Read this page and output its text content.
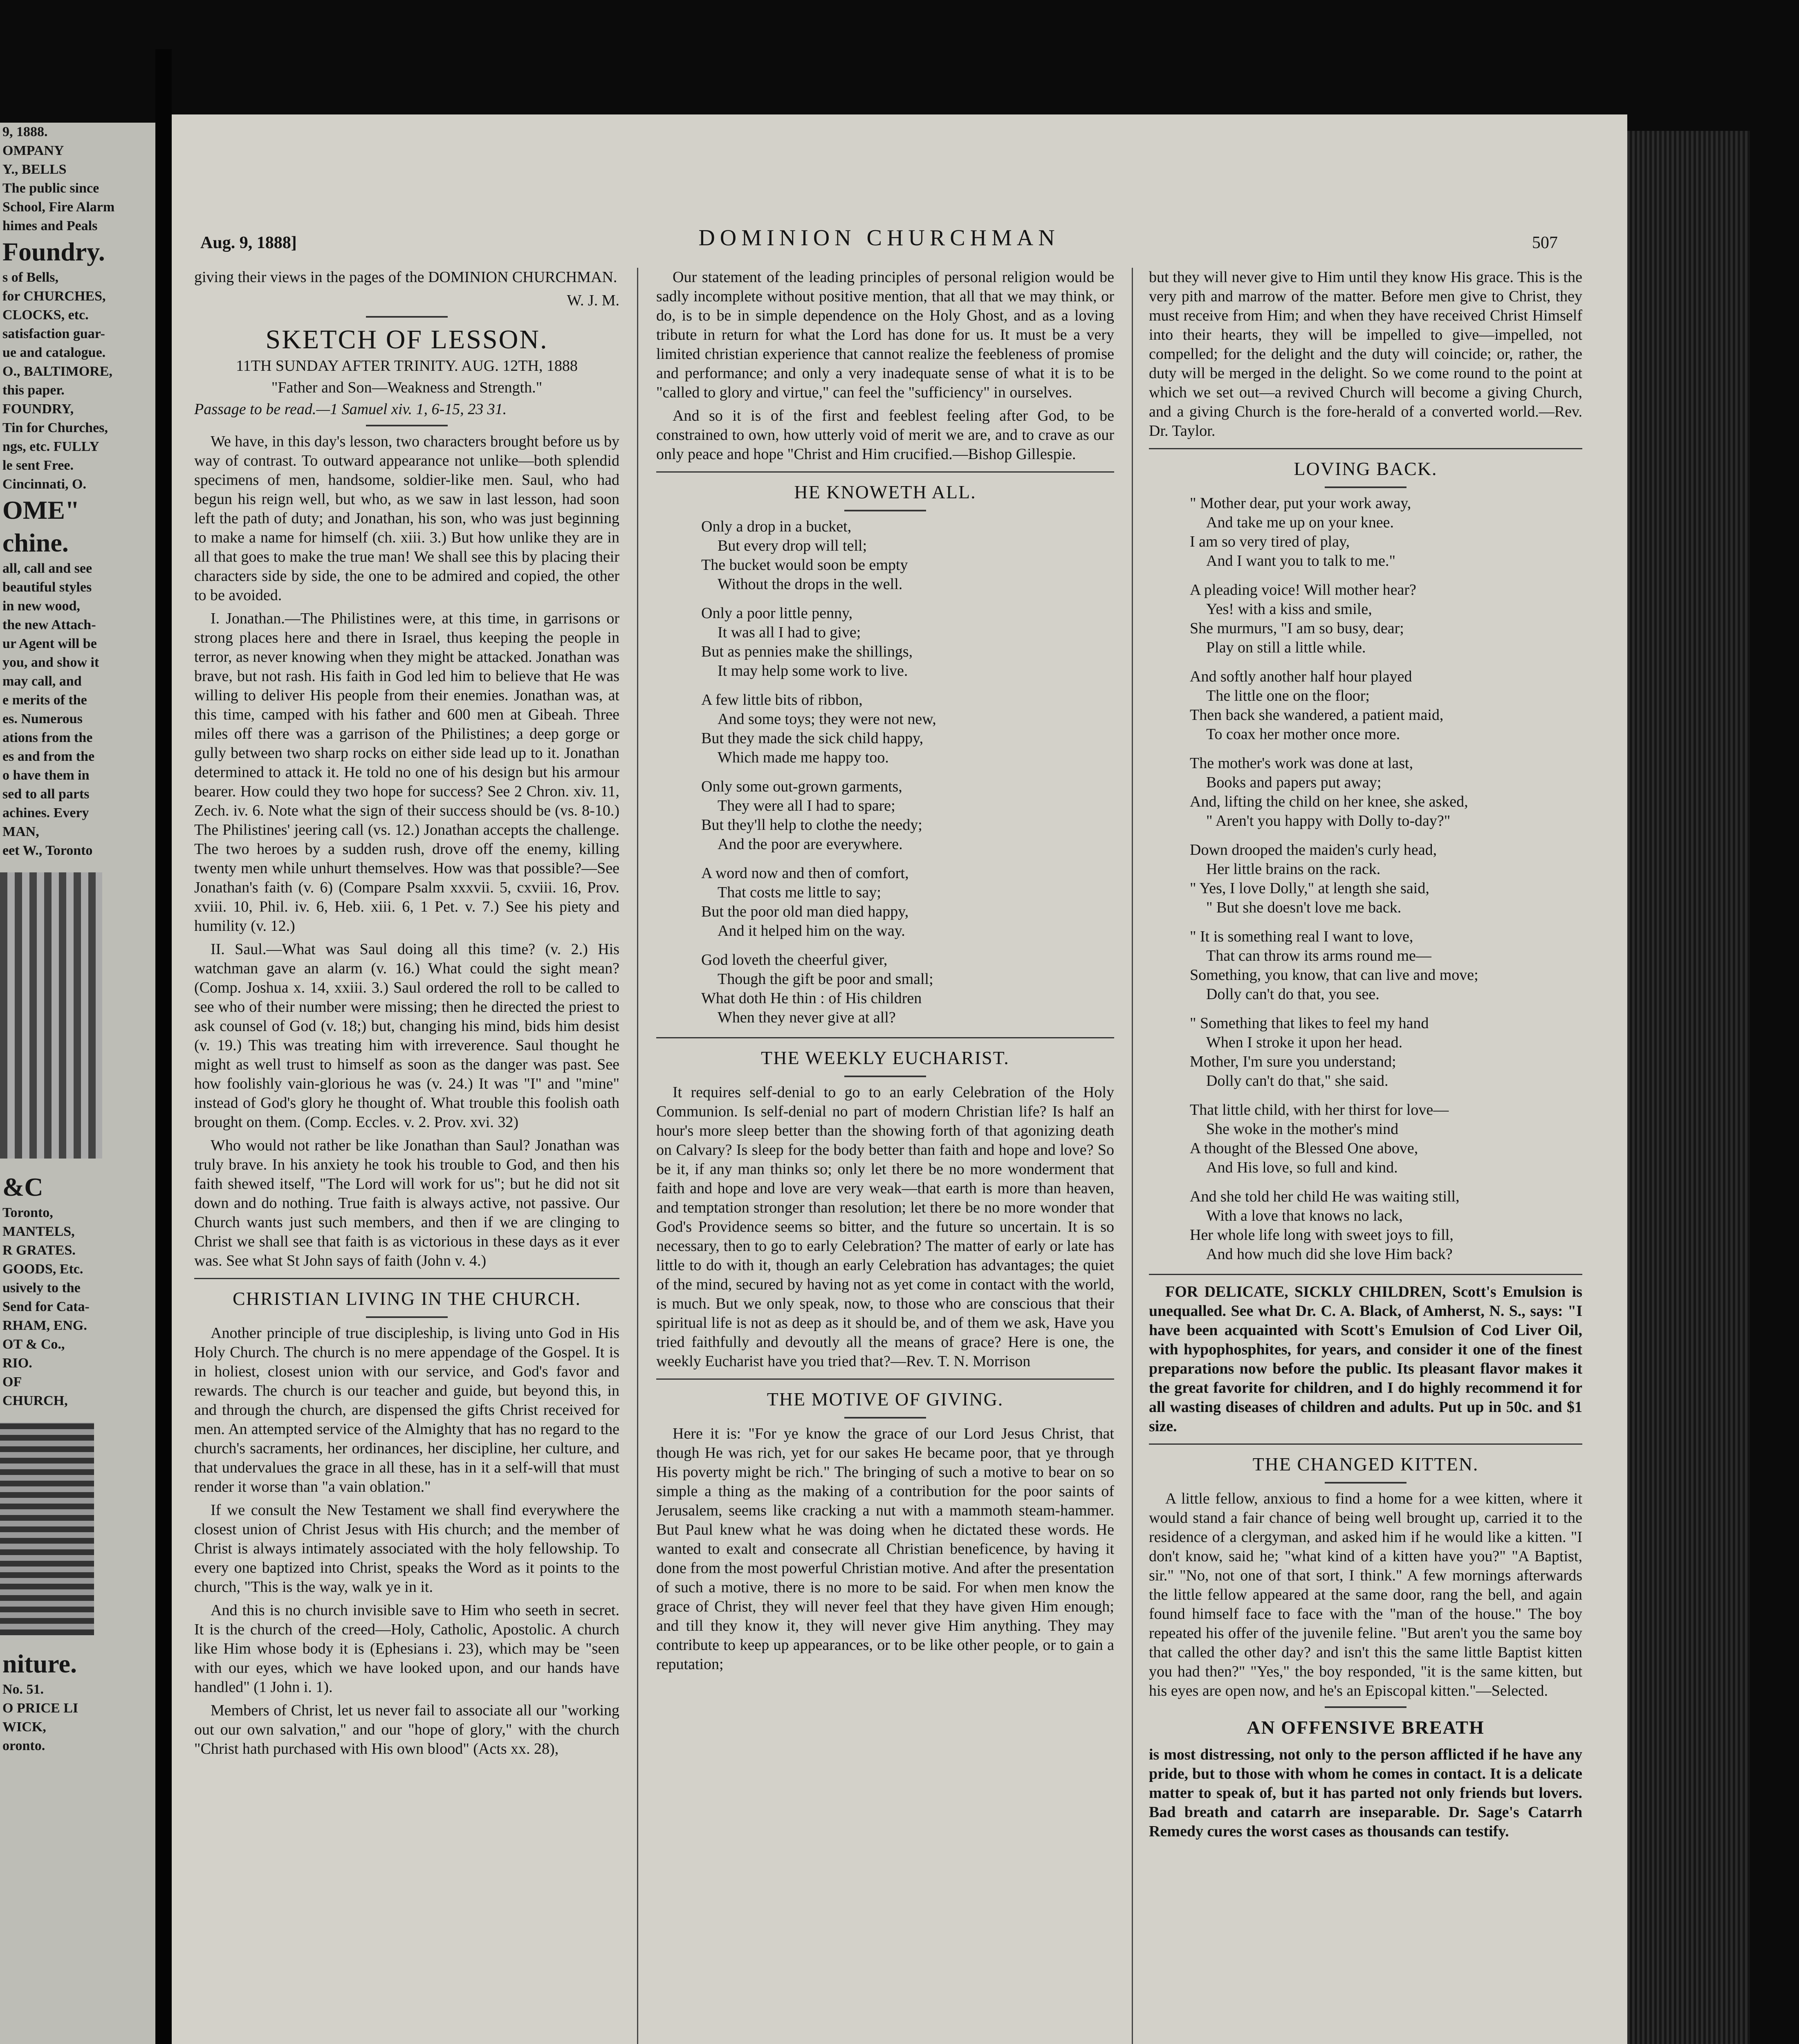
9, 1888.
OMPANY
Y., BELLS
The public since
School, Fire Alarm
himes and Peals
Foundry.
s of Bells,
for CHURCHES,
CLOCKS, etc.
satisfaction guar-
ue and catalogue.
O., BALTIMORE,
this paper.
FOUNDRY,
Tin for Churches,
ngs, etc. FULLY
le sent Free.
Cincinnati, O.
OME"
chine.
all, call and see
beautiful styles
in new wood,
the new Attach-
ur Agent will be
you, and show it
may call, and
e merits of the
es. Numerous
ations from the
es and from the
o have them in
sed to all parts
achines. Every
MAN,
eet W., Toronto
&C
Toronto,
MANTELS,
R GRATES.
GOODS, Etc.
usively to the
Send for Cata-
RHAM, ENG.
OT & Co.,
RIO.
OF
CHURCH,
niture.
No. 51.
O PRICE LI
WICK,
oronto.
Aug. 9, 1888]	DOMINION CHURCHMAN	507

giving their views in the pages of the DOMINION CHURCHMAN.

W. J. M.
SKETCH OF LESSON.
11TH SUNDAY AFTER TRINITY. AUG. 12TH, 1888
"Father and Son—Weakness and Strength."

Passage to be read.—1 Samuel xiv. 1, 6-15, 23 31.

We have, in this day's lesson, two characters brought before us by way of contrast. To outward appearance not unlike—both splendid specimens of men, handsome, soldier-like men. Saul, who had begun his reign well, but who, as we saw in last lesson, had soon left the path of duty; and Jonathan, his son, who was just beginning to make a name for himself (ch. xiii. 3.) But how unlike they are in all that goes to make the true man! We shall see this by placing their characters side by side, the one to be admired and copied, the other to be avoided.

I. Jonathan.—The Philistines were, at this time, in garrisons or strong places here and there in Israel, thus keeping the people in terror, as never knowing when they might be attacked. Jonathan was brave, but not rash. His faith in God led him to believe that He was willing to deliver His people from their enemies. Jonathan was, at this time, camped with his father and 600 men at Gibeah. Three miles off there was a garrison of the Philistines; a deep gorge or gully between two sharp rocks on either side lead up to it. Jonathan determined to attack it. He told no one of his design but his armour bearer. How could they two hope for success? See 2 Chron. xiv. 11, Zech. iv. 6. Note what the sign of their success should be (vs. 8-10.) The Philistines' jeering call (vs. 12.) Jonathan accepts the challenge. The two heroes by a sudden rush, drove off the enemy, killing twenty men while unhurt themselves. How was that possible?—See Jonathan's faith (v. 6) (Compare Psalm xxxvii. 5, cxviii. 16, Prov. xviii. 10, Phil. iv. 6, Heb. xiii. 6, 1 Pet. v. 7.) See his piety and humility (v. 12.)

II. Saul.—What was Saul doing all this time? (v. 2.) His watchman gave an alarm (v. 16.) What could the sight mean? (Comp. Joshua x. 14, xxiii. 3.) Saul ordered the roll to be called to see who of their number were missing; then he directed the priest to ask counsel of God (v. 18;) but, changing his mind, bids him desist (v. 19.) This was treating him with irreverence. Saul thought he might as well trust to himself as soon as the danger was past. See how foolishly vain-glorious he was (v. 24.) It was "I" and "mine" instead of God's glory he thought of. What trouble this foolish oath brought on them. (Comp. Eccles. v. 2. Prov. xvi. 32)

Who would not rather be like Jonathan than Saul? Jonathan was truly brave. In his anxiety he took his trouble to God, and then his faith shewed itself, "The Lord will work for us"; but he did not sit down and do nothing. True faith is always active, not passive. Our Church wants just such members, and then if we are clinging to Christ we shall see that faith is as victorious in these days as it ever was. See what St John says of faith (John v. 4.)

CHRISTIAN LIVING IN THE CHURCH.

Another principle of true discipleship, is living unto God in His Holy Church. The church is no mere appendage of the Gospel. It is in holiest, closest union with our service, and God's favor and rewards. The church is our teacher and guide, but beyond this, in and through the church, are dispensed the gifts Christ received for men. An attempted service of the Almighty that has no regard to the church's sacraments, her ordinances, her discipline, her culture, and that undervalues the grace in all these, has in it a self-will that must render it worse than "a vain oblation."

If we consult the New Testament we shall find everywhere the closest union of Christ Jesus with His church; and the member of Christ is always intimately associated with the holy fellowship. To every one baptized into Christ, speaks the Word as it points to the church, "This is the way, walk ye in it.

And this is no church invisible save to Him who seeth in secret. It is the church of the creed—Holy, Catholic, Apostolic. A church like Him whose body it is (Ephesians i. 23), which may be "seen with our eyes, which we have looked upon, and our hands have handled" (1 John i. 1).

Members of Christ, let us never fail to associate all our "working out our own salvation," and our "hope of glory," with the church "Christ hath purchased with His own blood" (Acts xx. 28),

Our statement of the leading principles of personal religion would be sadly incomplete without positive mention, that all that we may think, or do, is to be in simple dependence on the Holy Ghost, and as a loving tribute in return for what the Lord has done for us. It must be a very limited christian experience that cannot realize the feebleness of promise and performance; and only a very inadequate sense of what it is to be "called to glory and virtue," can feel the "sufficiency" in ourselves.

And so it is of the first and feeblest feeling after God, to be constrained to own, how utterly void of merit we are, and to crave as our only peace and hope "Christ and Him crucified.—Bishop Gillespie.

HE KNOWETH ALL.
Only a drop in a bucket,
But every drop will tell;
The bucket would soon be empty
Without the drops in the well.
Only a poor little penny,
It was all I had to give;
But as pennies make the shillings,
It may help some work to live.
A few little bits of ribbon,
And some toys; they were not new,
But they made the sick child happy,
Which made me happy too.
Only some out-grown garments,
They were all I had to spare;
But they'll help to clothe the needy;
And the poor are everywhere.
A word now and then of comfort,
That costs me little to say;
But the poor old man died happy,
And it helped him on the way.
God loveth the cheerful giver,
Though the gift be poor and small;
What doth He thin : of His children
When they never give at all?
THE WEEKLY EUCHARIST.

It requires self-denial to go to an early Celebration of the Holy Communion. Is self-denial no part of modern Christian life? Is half an hour's more sleep better than the showing forth of that agonizing death on Calvary? Is sleep for the body better than faith and hope and love? So be it, if any man thinks so; only let there be no more wonderment that faith and hope and love are very weak—that earth is more than heaven, and temptation stronger than resolution; let there be no more wonder that God's Providence seems so bitter, and the future so uncertain. It is so necessary, then to go to early Celebration? The matter of early or late has little to do with it, though an early Celebration has advantages; the quiet of the mind, secured by having not as yet come in contact with the world, is much. But we only speak, now, to those who are conscious that their spiritual life is not as deep as it should be, and of them we ask, Have you tried faithfully and devoutly all the means of grace? Here is one, the weekly Eucharist have you tried that?—Rev. T. N. Morrison

THE MOTIVE OF GIVING.

Here it is: "For ye know the grace of our Lord Jesus Christ, that though He was rich, yet for our sakes He became poor, that ye through His poverty might be rich." The bringing of such a motive to bear on so simple a thing as the making of a contribution for the poor saints of Jerusalem, seems like cracking a nut with a mammoth steam-hammer. But Paul knew what he was doing when he dictated these words. He wanted to exalt and consecrate all Christian beneficence, by having it done from the most powerful Christian motive. And after the presentation of such a motive, there is no more to be said. For when men know the grace of Christ, they will never feel that they have given Him enough; and till they know it, they will never give Him anything. They may contribute to keep up appearances, or to be like other people, or to gain a reputation;

but they will never give to Him until they know His grace. This is the very pith and marrow of the matter. Before men give to Christ, they must receive from Him; and when they have received Christ Himself into their hearts, they will be impelled to give—impelled, not compelled; for the delight and the duty will coincide; or, rather, the duty will be merged in the delight. So we come round to the point at which we set out—a revived Church will become a giving Church, and a giving Church is the fore-herald of a converted world.—Rev. Dr. Taylor.

LOVING BACK.
" Mother dear, put your work away,
And take me up on your knee.
I am so very tired of play,
And I want you to talk to me."
A pleading voice! Will mother hear?
Yes! with a kiss and smile,
She murmurs, "I am so busy, dear;
Play on still a little while.
And softly another half hour played
The little one on the floor;
Then back she wandered, a patient maid,
To coax her mother once more.
The mother's work was done at last,
Books and papers put away;
And, lifting the child on her knee, she asked,
" Aren't you happy with Dolly to-day?"
Down drooped the maiden's curly head,
Her little brains on the rack.
" Yes, I love Dolly," at length she said,
" But she doesn't love me back.
" It is something real I want to love,
That can throw its arms round me—
Something, you know, that can live and move;
Dolly can't do that, you see.
" Something that likes to feel my hand
When I stroke it upon her head.
Mother, I'm sure you understand;
Dolly can't do that," she said.
That little child, with her thirst for love—
She woke in the mother's mind
A thought of the Blessed One above,
And His love, so full and kind.
And she told her child He was waiting still,
With a love that knows no lack,
Her whole life long with sweet joys to fill,
And how much did she love Him back?

FOR DELICATE, SICKLY CHILDREN, Scott's Emulsion is unequalled. See what Dr. C. A. Black, of Amherst, N. S., says: "I have been acquainted with Scott's Emulsion of Cod Liver Oil, with hypophosphites, for years, and consider it one of the finest preparations now before the public. Its pleasant flavor makes it the great favorite for children, and I do highly recommend it for all wasting diseases of children and adults. Put up in 50c. and $1 size.

THE CHANGED KITTEN.

A little fellow, anxious to find a home for a wee kitten, where it would stand a fair chance of being well brought up, carried it to the residence of a clergyman, and asked him if he would like a kitten. "I don't know, said he; "what kind of a kitten have you?" "A Baptist, sir." "No, not one of that sort, I think." A few mornings afterwards the little fellow appeared at the same door, rang the bell, and again found himself face to face with the "man of the house." The boy repeated his offer of the juvenile feline. "But aren't you the same boy that called the other day? and isn't this the same little Baptist kitten you had then?" "Yes," the boy responded, "it is the same kitten, but his eyes are open now, and he's an Episcopal kitten."—Selected.

AN OFFENSIVE BREATH

is most distressing, not only to the person afflicted if he have any pride, but to those with whom he comes in contact. It is a delicate matter to speak of, but it has parted not only friends but lovers. Bad breath and catarrh are inseparable. Dr. Sage's Catarrh Remedy cures the worst cases as thousands can testify.
